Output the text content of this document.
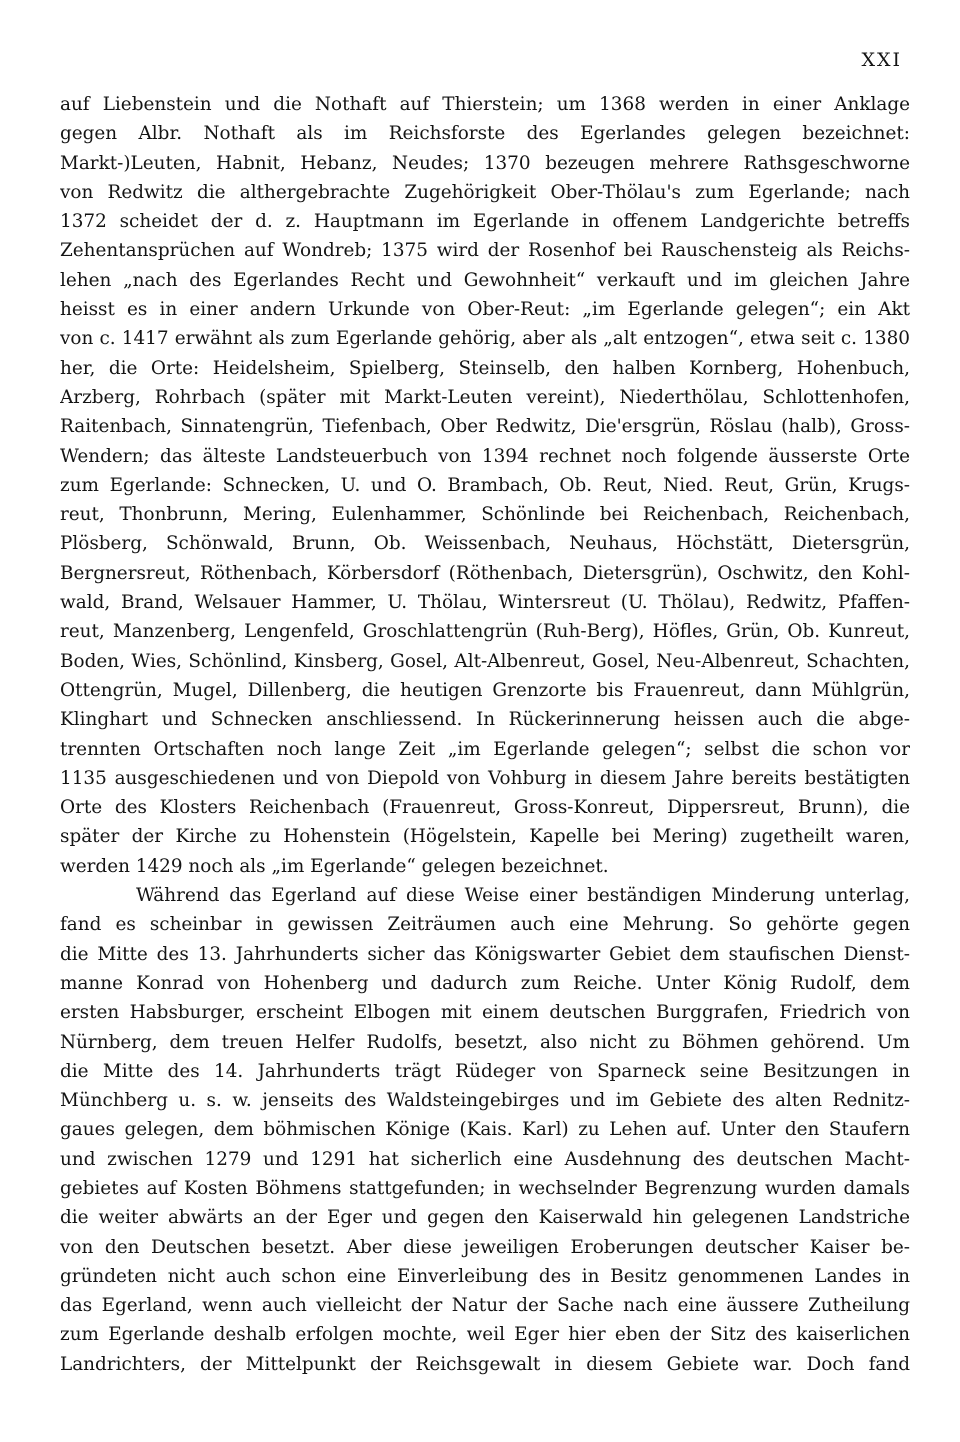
XXI
auf Liebenstein und die Nothaft auf Thierstein; um 1368 werden in einer Anklage
gegen Albr. Nothaft als im Reichsforste des Egerlandes gelegen bezeichnet:
Markt-)Leuten, Habnit, Hebanz, Neudes; 1370 bezeugen mehrere Rathsgeschworne
von Redwitz die althergebrachte Zugehörigkeit Ober-Thölau's zum Egerlande; nach
1372 scheidet der d. z. Hauptmann im Egerlande in offenem Landgerichte betreffs
Zehentansprüchen auf Wondreb; 1375 wird der Rosenhof bei Rauschensteig als Reichs-
lehen „nach des Egerlandes Recht und Gewohnheit“ verkauft und im gleichen Jahre
heisst es in einer andern Urkunde von Ober-Reut: „im Egerlande gelegen“; ein Akt
von c. 1417 erwähnt als zum Egerlande gehörig, aber als „alt entzogen“, etwa seit c. 1380
her, die Orte: Heidelsheim, Spielberg, Steinselb, den halben Kornberg, Hohenbuch,
Arzberg, Rohrbach (später mit Markt-Leuten vereint), Niederthölau, Schlottenhofen,
Raitenbach, Sinnatengrün, Tiefenbach, Ober Redwitz, Die'ersgrün, Röslau (halb), Gross-
Wendern; das älteste Landsteuerbuch von 1394 rechnet noch folgende äusserste Orte
zum Egerlande: Schnecken, U. und O. Brambach, Ob. Reut, Nied. Reut, Grün, Krugs-
reut, Thonbrunn, Mering, Eulenhammer, Schönlinde bei Reichenbach, Reichenbach,
Plösberg, Schönwald, Brunn, Ob. Weissenbach, Neuhaus, Höchstätt, Dietersgrün,
Bergnersreut, Röthenbach, Körbersdorf (Röthenbach, Dietersgrün), Oschwitz, den Kohl-
wald, Brand, Welsauer Hammer, U. Thölau, Wintersreut (U. Thölau), Redwitz, Pfaffen-
reut, Manzenberg, Lengenfeld, Groschlattengrün (Ruh-Berg), Höfles, Grün, Ob. Kunreut,
Boden, Wies, Schönlind, Kinsberg, Gosel, Alt-Albenreut, Gosel, Neu-Albenreut, Schachten,
Ottengrün, Mugel, Dillenberg, die heutigen Grenzorte bis Frauenreut, dann Mühlgrün,
Klinghart und Schnecken anschliessend. In Rückerinnerung heissen auch die abge-
trennten Ortschaften noch lange Zeit „im Egerlande gelegen“; selbst die schon vor
1135 ausgeschiedenen und von Diepold von Vohburg in diesem Jahre bereits bestätigten
Orte des Klosters Reichenbach (Frauenreut, Gross-Konreut, Dippersreut, Brunn), die
später der Kirche zu Hohenstein (Högelstein, Kapelle bei Mering) zugetheilt waren,
werden 1429 noch als „im Egerlande“ gelegen bezeichnet.
Während das Egerland auf diese Weise einer beständigen Minderung unterlag,
fand es scheinbar in gewissen Zeiträumen auch eine Mehrung. So gehörte gegen
die Mitte des 13. Jahrhunderts sicher das Königswarter Gebiet dem staufischen Dienst-
manne Konrad von Hohenberg und dadurch zum Reiche. Unter König Rudolf, dem
ersten Habsburger, erscheint Elbogen mit einem deutschen Burggrafen, Friedrich von
Nürnberg, dem treuen Helfer Rudolfs, besetzt, also nicht zu Böhmen gehörend. Um
die Mitte des 14. Jahrhunderts trägt Rüdeger von Sparneck seine Besitzungen in
Münchberg u. s. w. jenseits des Waldsteingebirges und im Gebiete des alten Rednitz-
gaues gelegen, dem böhmischen Könige (Kais. Karl) zu Lehen auf. Unter den Staufern
und zwischen 1279 und 1291 hat sicherlich eine Ausdehnung des deutschen Macht-
gebietes auf Kosten Böhmens stattgefunden; in wechselnder Begrenzung wurden damals
die weiter abwärts an der Eger und gegen den Kaiserwald hin gelegenen Landstriche
von den Deutschen besetzt. Aber diese jeweiligen Eroberungen deutscher Kaiser be-
gründeten nicht auch schon eine Einverleibung des in Besitz genommenen Landes in
das Egerland, wenn auch vielleicht der Natur der Sache nach eine äussere Zutheilung
zum Egerlande deshalb erfolgen mochte, weil Eger hier eben der Sitz des kaiserlichen
Landrichters, der Mittelpunkt der Reichsgewalt in diesem Gebiete war. Doch fand
